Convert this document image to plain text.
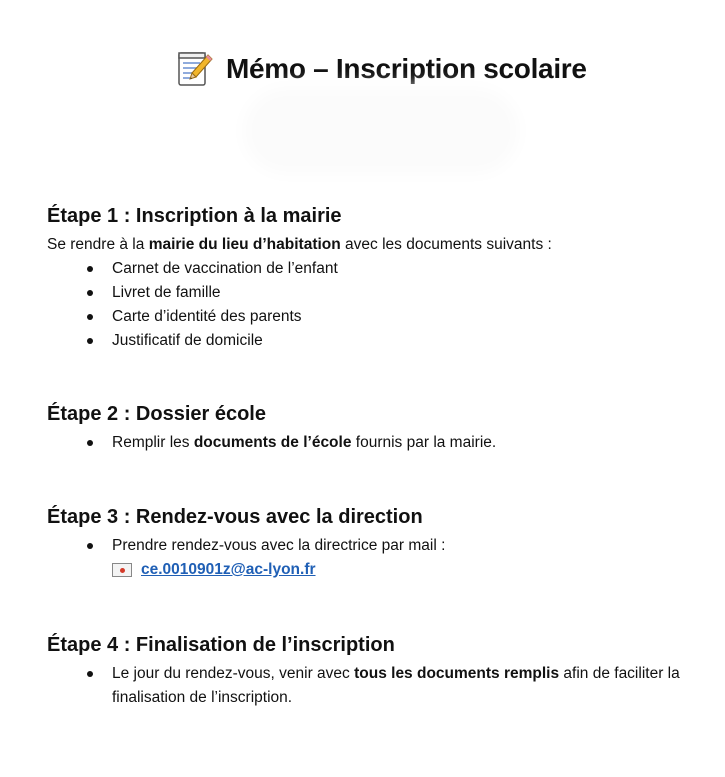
Mémo – Inscription scolaire
Étape 1 : Inscription à la mairie

Se rendre à la mairie du lieu d’habitation avec les documents suivants :

Carnet de vaccination de l’enfant
Livret de famille
Carte d’identité des parents
Justificatif de domicile
Étape 2 : Dossier école
Remplir les documents de l’école fournis par la mairie.
Étape 3 : Rendez-vous avec la direction
Prendre rendez-vous avec la directrice par mail :
ce.0010901z@ac-lyon.fr
Étape 4 : Finalisation de l’inscription
Le jour du rendez-vous, venir avec tous les documents remplis afin de faciliter la finalisation de l’inscription.
